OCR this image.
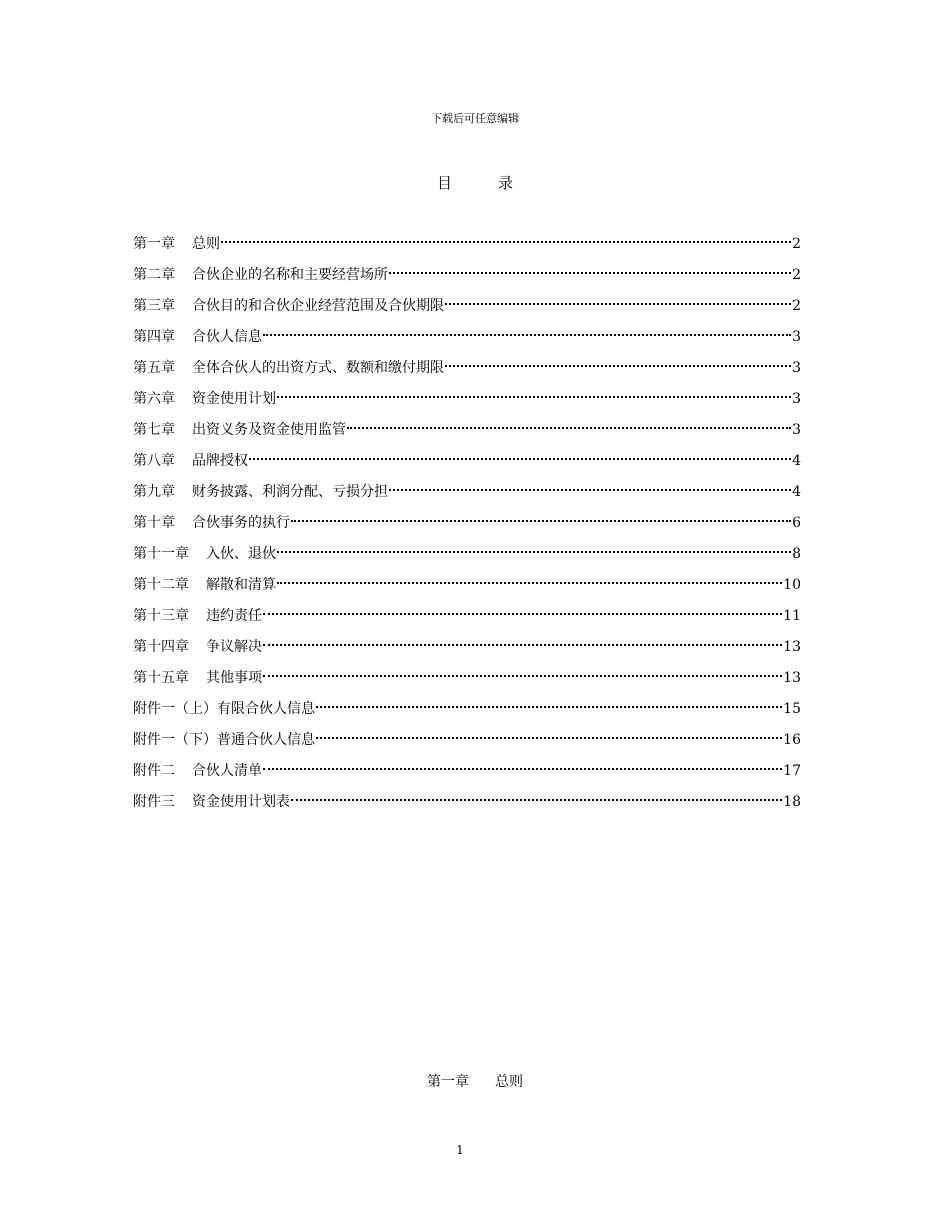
下载后可任意编辑
目	录
第一章 总则	2
第二章 合伙企业的名称和主要经营场所	2
第三章 合伙目的和合伙企业经营范围及合伙期限	2
第四章 合伙人信息	3
第五章 全体合伙人的出资方式、数额和缴付期限	3
第六章 资金使用计划	3
第七章 出资义务及资金使用监管	3
第八章 品牌授权	4
第九章 财务披露、利润分配、亏损分担	4
第十章 合伙事务的执行	6
第十一章 入伙、退伙	8
第十二章 解散和清算	10
第十三章 违约责任	11
第十四章 争议解决	13
第十五章 其他事项	13
附件一（上） 有限合伙人信息	15
附件一（下） 普通合伙人信息	16
附件二 合伙人清单	17
附件三 资金使用计划表	18
第一章 总则
1
